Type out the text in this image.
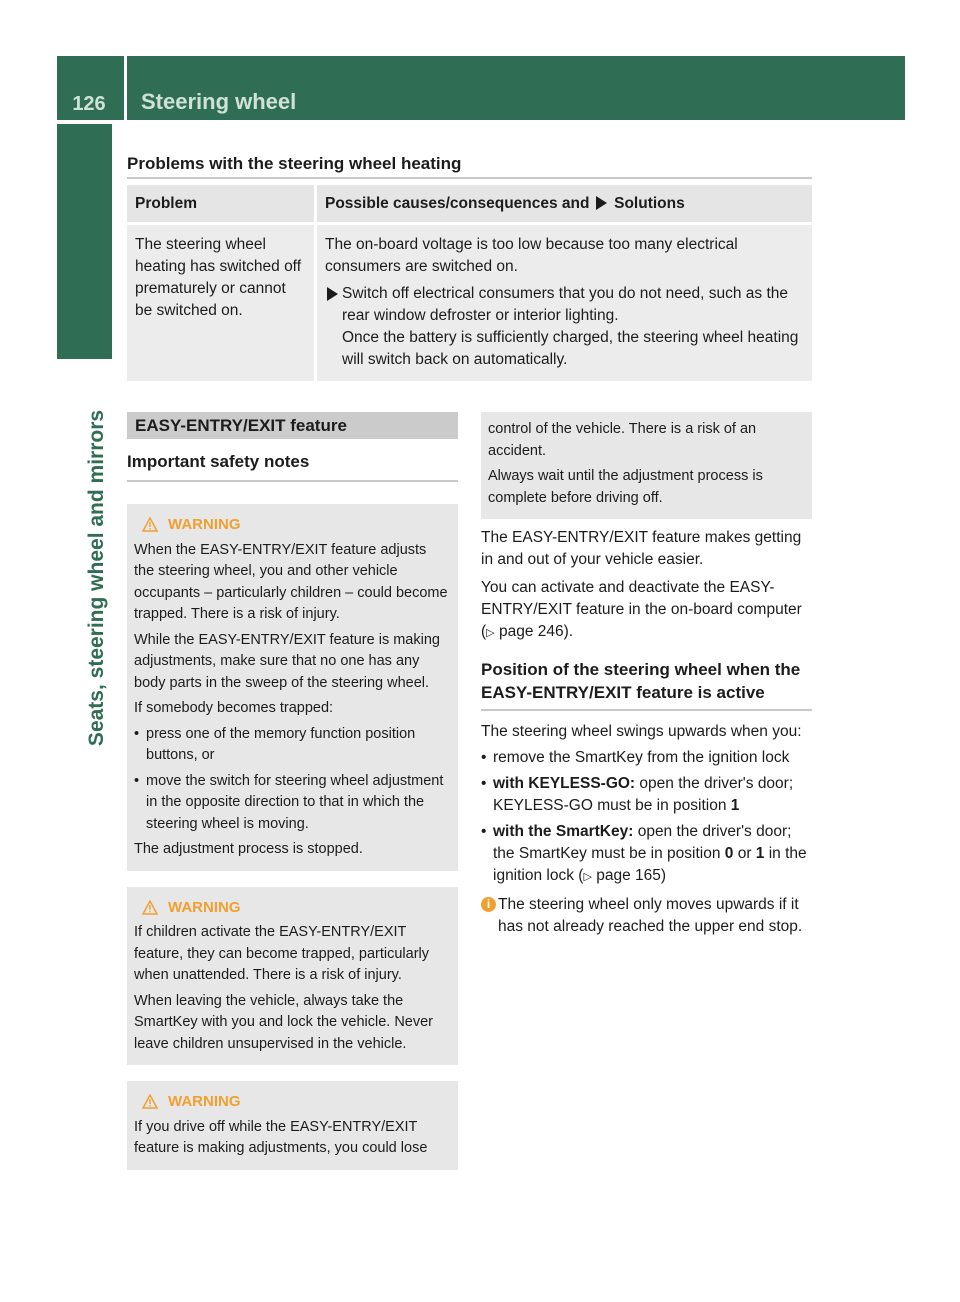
126	Steering wheel
Seats, steering wheel and mirrors
Problems with the steering wheel heating
Problem	Possible causes/consequences and Solutions
The steering wheel heating has switched off prematurely or cannot be switched on.	The on-board voltage is too low because too many electrical consumers are switched on.
Switch off electrical consumers that you do not need, such as the rear window defroster or interior lighting.
Once the battery is sufficiently charged, the steering wheel heating will switch back on automatically.
EASY-ENTRY/EXIT feature
Important safety notes
WARNING

When the EASY-ENTRY/EXIT feature adjusts the steering wheel, you and other vehicle occupants – particularly children – could become trapped. There is a risk of injury.

While the EASY-ENTRY/EXIT feature is making adjustments, make sure that no one has any body parts in the sweep of the steering wheel.

If somebody becomes trapped:

• press one of the memory function position buttons, or
• move the switch for steering wheel adjustment in the opposite direction to that in which the steering wheel is moving.

The adjustment process is stopped.

WARNING

If children activate the EASY-ENTRY/EXIT feature, they can become trapped, particularly when unattended. There is a risk of injury.

When leaving the vehicle, always take the SmartKey with you and lock the vehicle. Never leave children unsupervised in the vehicle.

WARNING

If you drive off while the EASY-ENTRY/EXIT feature is making adjustments, you could lose

control of the vehicle. There is a risk of an accident.

Always wait until the adjustment process is complete before driving off.

The EASY-ENTRY/EXIT feature makes getting in and out of your vehicle easier.

You can activate and deactivate the EASY-ENTRY/EXIT feature in the on-board computer (▷ page 246).

Position of the steering wheel when the EASY-ENTRY/EXIT feature is active

The steering wheel swings upwards when you:

• remove the SmartKey from the ignition lock
• with KEYLESS-GO: open the driver's door; KEYLESS-GO must be in position 1
• with the SmartKey: open the driver's door; the SmartKey must be in position 0 or 1 in the ignition lock (▷ page 165)
i The steering wheel only moves upwards if it has not already reached the upper end stop.
